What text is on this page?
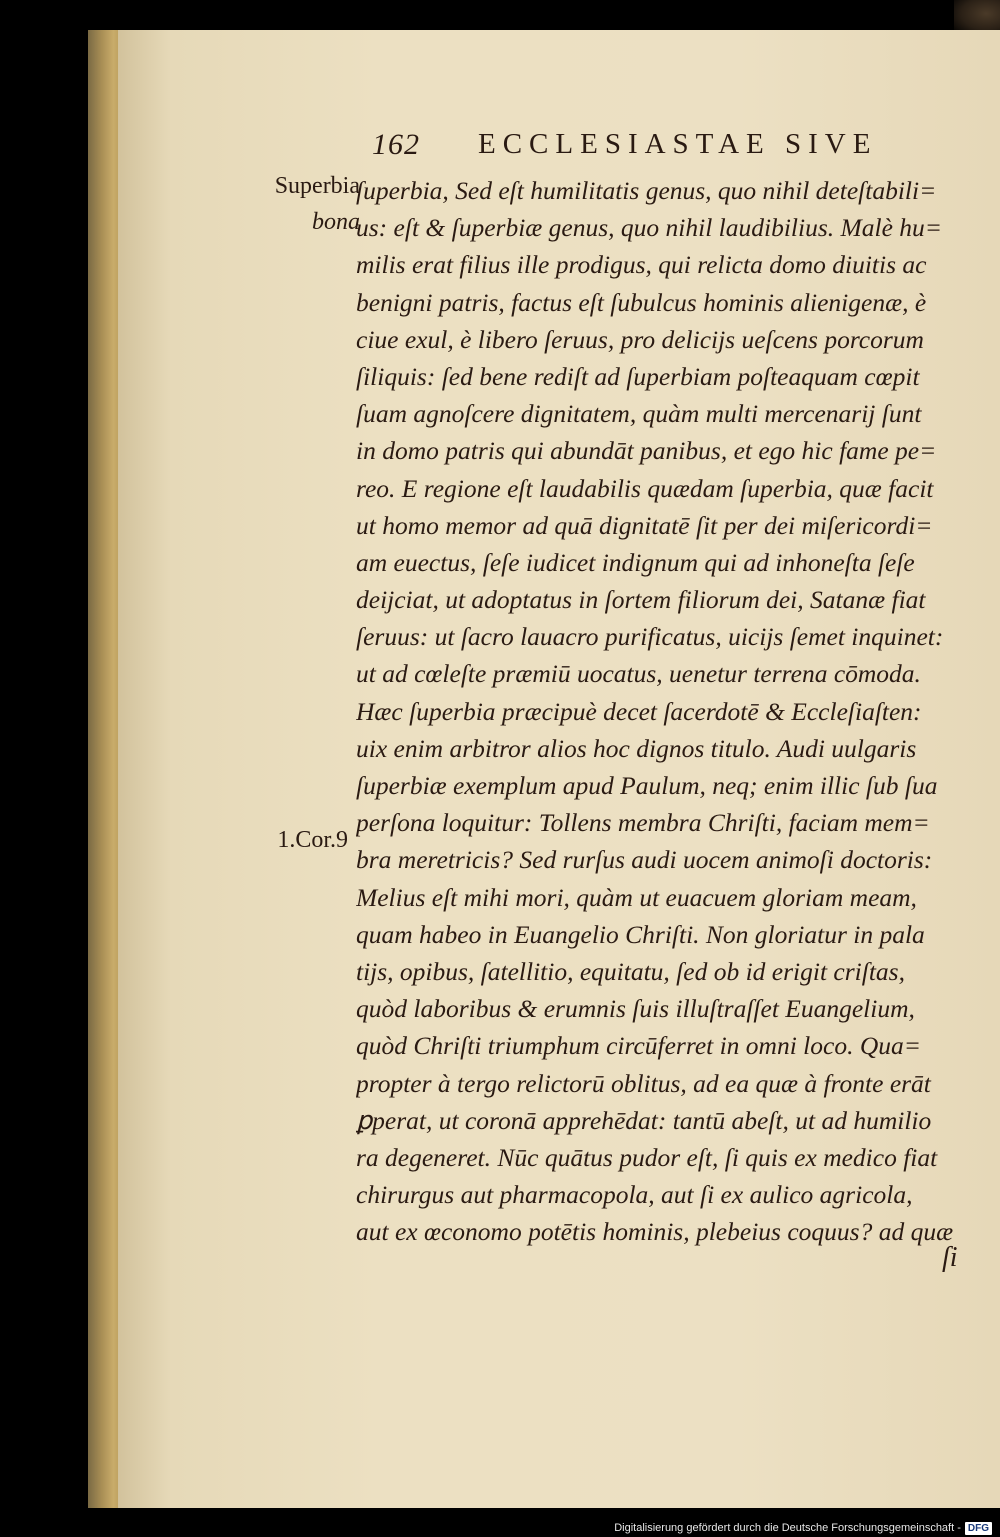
162 ECCLESIASTAE SIVE
Superbia
bona
1.Cor.9
ſuperbia, Sed eſt humilitatis genus, quo nihil deteſtabili=
us: eſt & ſuperbiæ genus, quo nihil laudibilius. Malè hu=
milis erat filius ille prodigus, qui relicta domo diuitis ac
benigni patris, factus eſt ſubulcus hominis alienigenæ, è
ciue exul, è libero ſeruus, pro delicijs ueſcens porcorum
ſiliquis: ſed bene rediſt ad ſuperbiam poſteaquam cœpit
ſuam agnoſcere dignitatem, quàm multi mercenarij ſunt
in domo patris qui abundāt panibus, et ego hic fame pe=
reo. E regione eſt laudabilis quædam ſuperbia, quæ facit
ut homo memor ad quā dignitatē ſit per dei miſericordi=
am euectus, ſeſe iudicet indignum qui ad inhoneſta ſeſe
deijciat, ut adoptatus in ſortem filiorum dei, Satanæ fiat
ſeruus: ut ſacro lauacro purificatus, uicijs ſemet inquinet:
ut ad cœleſte præmiū uocatus, uenetur terrena cōmoda.
Hæc ſuperbia præcipuè decet ſacerdotē & Eccleſiaſten:
uix enim arbitror alios hoc dignos titulo. Audi uulgaris
ſuperbiæ exemplum apud Paulum, neq; enim illic ſub ſua
perſona loquitur: Tollens membra Chriſti, faciam mem=
bra meretricis? Sed rurſus audi uocem animoſi doctoris:
Melius eſt mihi mori, quàm ut euacuem gloriam meam,
quam habeo in Euangelio Chriſti. Non gloriatur in pala
tijs, opibus, ſatellitio, equitatu, ſed ob id erigit criſtas,
quòd laboribus & erumnis ſuis illuſtraſſet Euangelium,
quòd Chriſti triumphum circūferret in omni loco. Qua=
propter à tergo relictorū oblitus, ad ea quæ à fronte erāt
ꝑperat, ut coronā apprehēdat: tantū abeſt, ut ad humilio
ra degeneret. Nūc quātus pudor eſt, ſi quis ex medico fiat
chirurgus aut pharmacopola, aut ſi ex aulico agricola,
aut ex œconomo potētis hominis, plebeius coquus? ad quæ
ſi
Digitalisierung gefördert durch die Deutsche Forschungsgemeinschaft - DFG
